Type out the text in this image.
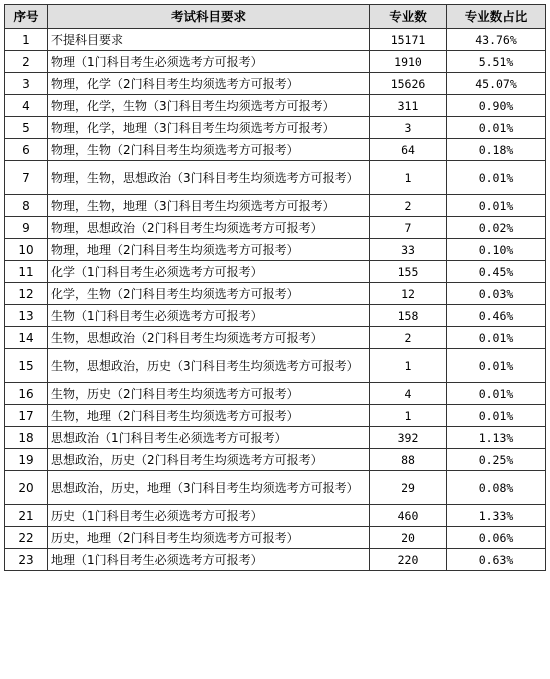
序号	考试科目要求	专业数	专业数占比
1	不提科目要求	15171	43.76%
2	物理（1门科目考生必须选考方可报考）	1910	5.51%
3	物理，化学（2门科目考生均须选考方可报考）	15626	45.07%
4	物理，化学，生物（3门科目考生均须选考方可报考）	311	0.90%
5	物理，化学，地理（3门科目考生均须选考方可报考）	3	0.01%
6	物理，生物（2门科目考生均须选考方可报考）	64	0.18%
7	物理，生物，思想政治（3门科目考生均须选考方可报考）	1	0.01%
8	物理，生物，地理（3门科目考生均须选考方可报考）	2	0.01%
9	物理，思想政治（2门科目考生均须选考方可报考）	7	0.02%
10	物理，地理（2门科目考生均须选考方可报考）	33	0.10%
11	化学（1门科目考生必须选考方可报考）	155	0.45%
12	化学，生物（2门科目考生均须选考方可报考）	12	0.03%
13	生物（1门科目考生必须选考方可报考）	158	0.46%
14	生物，思想政治（2门科目考生均须选考方可报考）	2	0.01%
15	生物，思想政治，历史（3门科目考生均须选考方可报考）	1	0.01%
16	生物，历史（2门科目考生均须选考方可报考）	4	0.01%
17	生物，地理（2门科目考生均须选考方可报考）	1	0.01%
18	思想政治（1门科目考生必须选考方可报考）	392	1.13%
19	思想政治，历史（2门科目考生均须选考方可报考）	88	0.25%
20	思想政治，历史，地理（3门科目考生均须选考方可报考）	29	0.08%
21	历史（1门科目考生必须选考方可报考）	460	1.33%
22	历史，地理（2门科目考生均须选考方可报考）	20	0.06%
23	地理（1门科目考生必须选考方可报考）	220	0.63%
